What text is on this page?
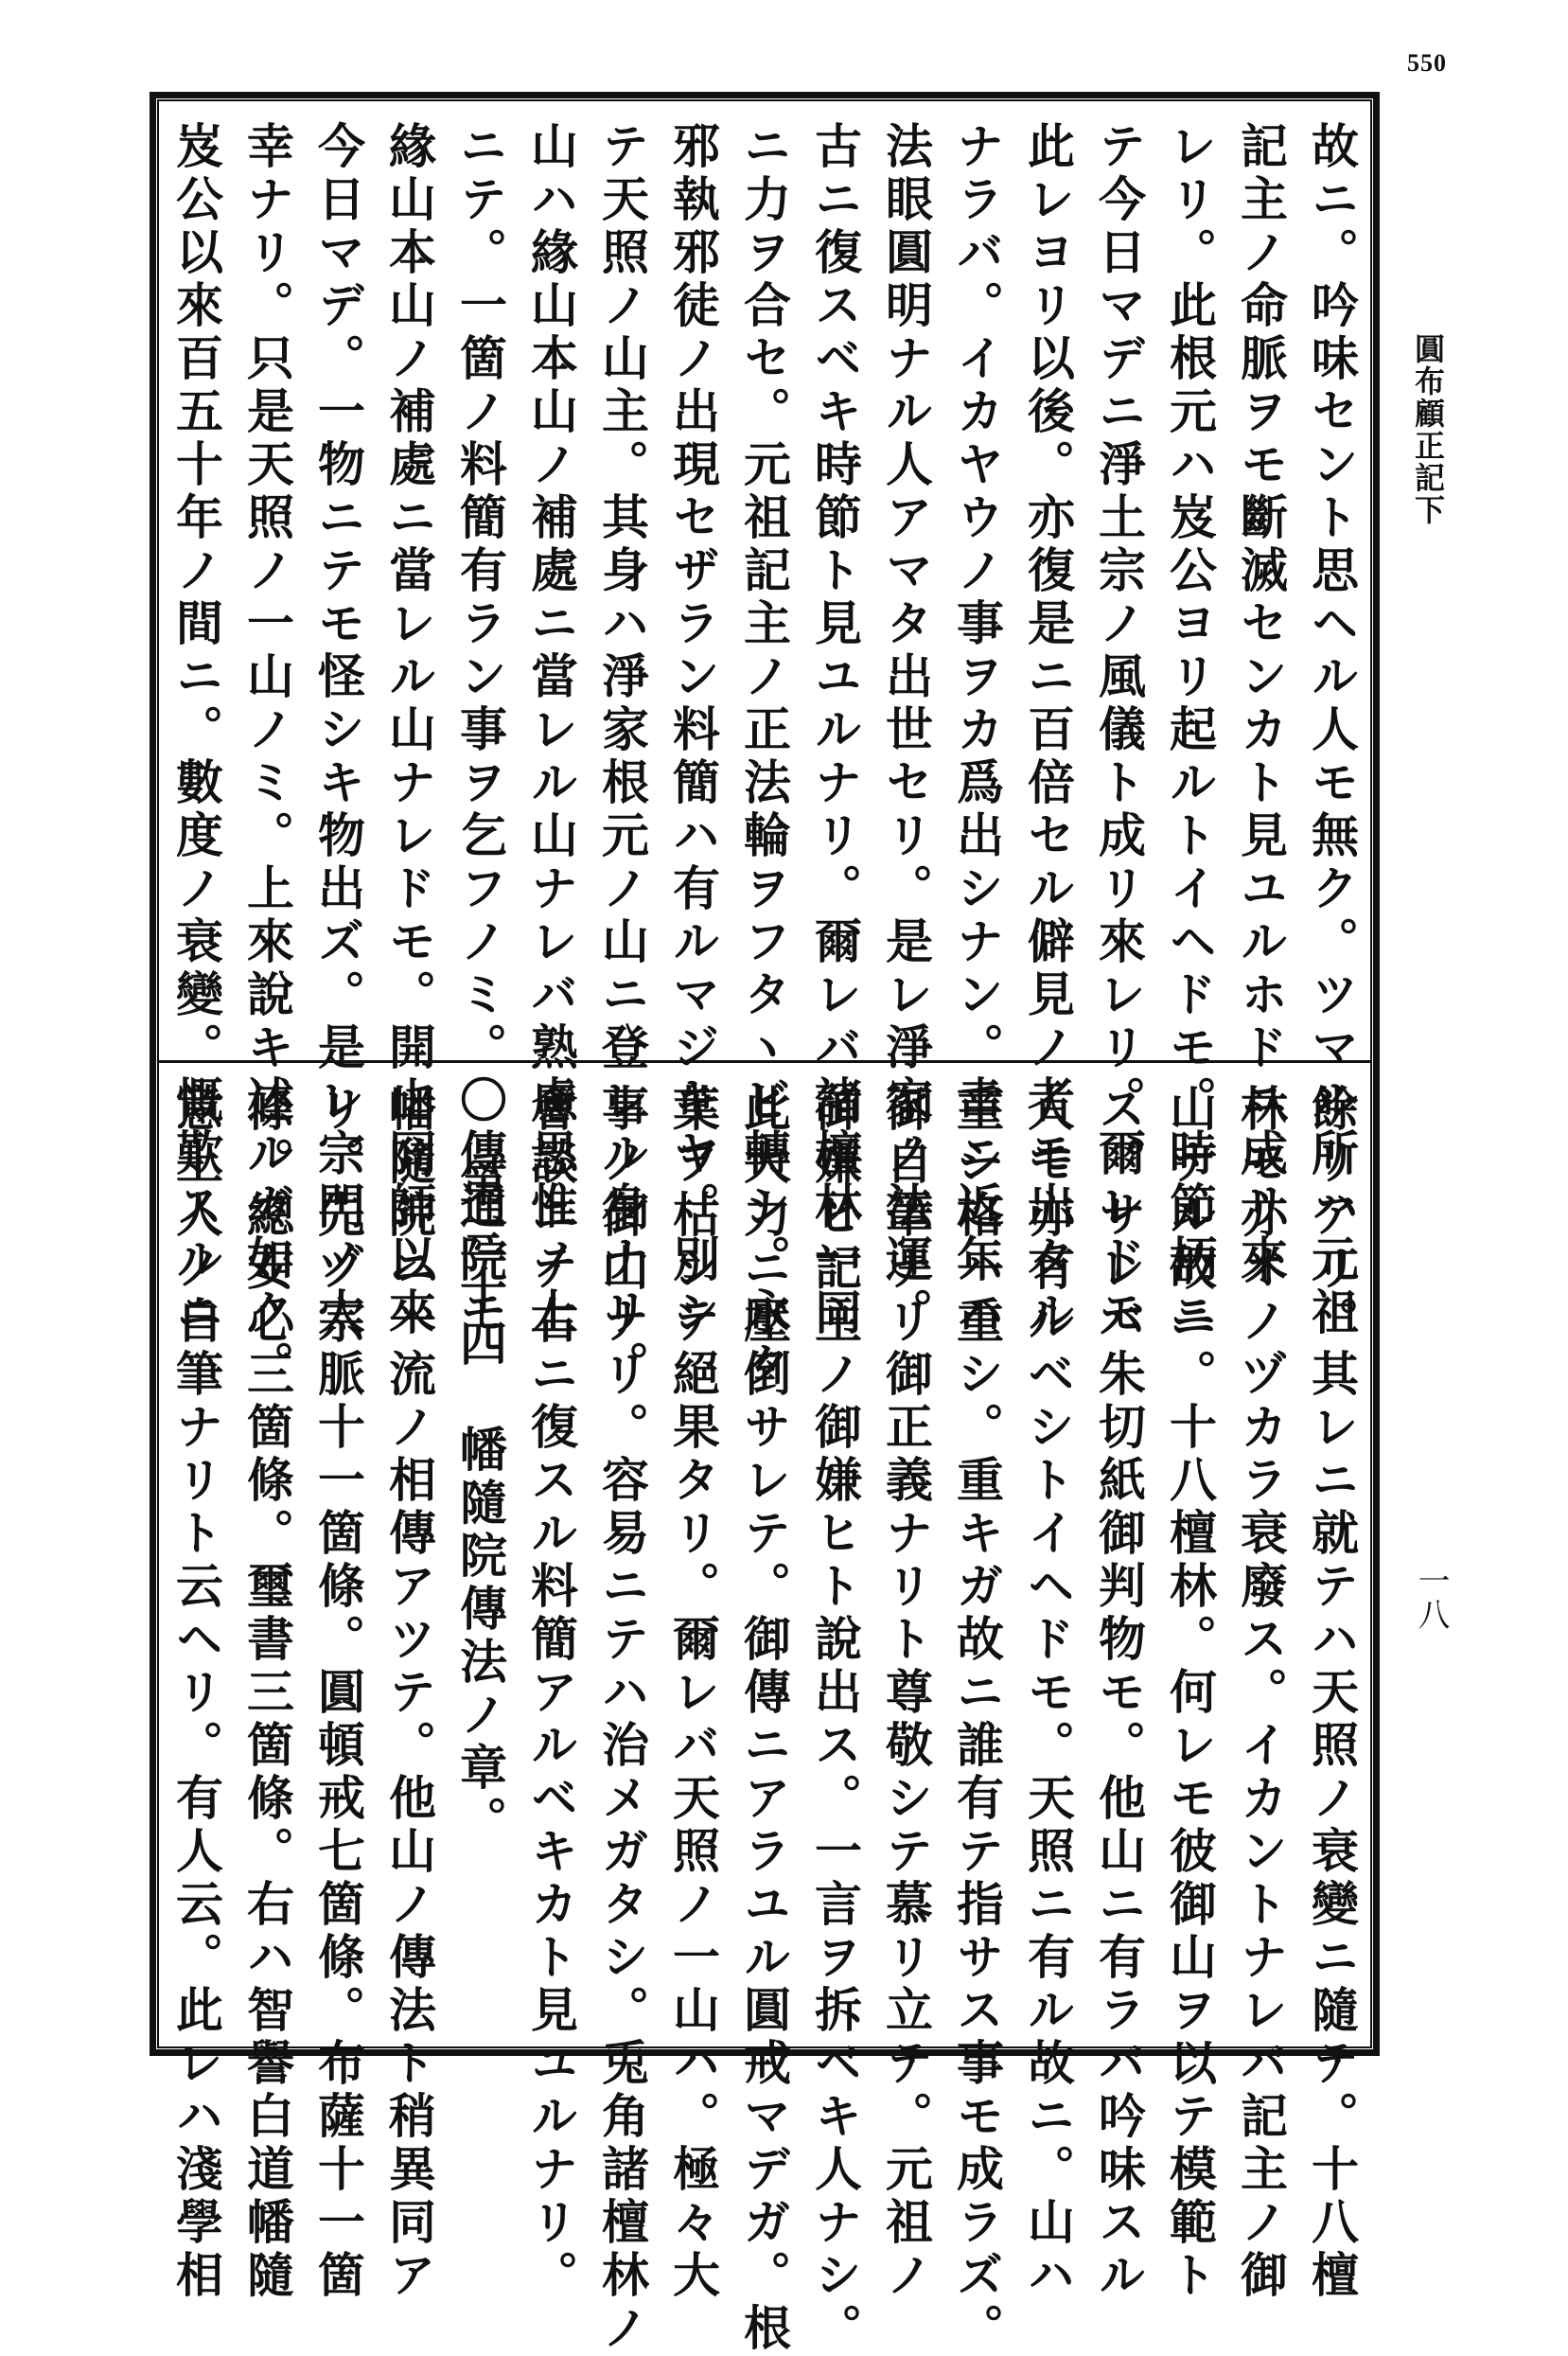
550
圓布顧正記下
一八
故ニ。吟味セント思ヘル人モ無ク。ツマル所ハ元祖
記主ノ命脈ヲモ斷滅センカト見ユルホドニ成リ來
レリ。此根元ハ岌公ヨリ起ルトイヘドモ。時節柄ニ
テ今日マデニ淨土宗ノ風儀ト成リ來レリ。爾レドモ
此レヨリ以後。亦復是ニ百倍セル僻見ノ者モ出タル
ナラバ。イカヤウノ事ヲカ爲出シナン。幸ニ近年ハ
法眼圓明ナル人アマタ出世セリ。是レ淨家ノ法運。
古ニ復スベキ時節ト見ユルナリ。爾レバ諸檀林一同
ニ力ヲ合セ。元祖記主ノ正法輪ヲフタヽビ轉シ。永ク
邪執邪徒ノ出現セザラン料簡ハ有ルマジキヤ。別シ
テ天照ノ山主。其身ハ淨家根元ノ山ニ登レル身ナリ。
山ハ緣山本山ノ補處ニ當レル山ナレバ熟慮思惟ノ上
ニテ。一箇ノ料簡有ラン事ヲ乞フノミ。〇傳通院モ
緣山本山ノ補處ニ當レル山ナレドモ。開山冏師以來
今日マデ。一物ニテモ怪シキ物出ズ。是レ宗門ノ太
幸ナリ。只是天照ノ一山ノミ。上來說キ述ルガ如ク。
岌公以來百五十年ノ間ニ。數度ノ衰變。慨歎スルニ
餘リアリ。其レニ就テハ天照ノ衰變ニ隨テ。十八檀
林モ亦オノヅカラ衰廢ス。イカントナレバ記主ノ御
山ナル故ニ。十八檀林。何レモ彼御山ヲ以テ模範ト
ス。サレバ朱切紙御判物モ。他山ニ有ラバ吟味スル
人モ亦有ルベシトイヘドモ。天照ニ有ル故ニ。山ハ
重シ格ハ重シ。重キガ故ニ誰有テ指サス事モ成ラズ。
御自筆ナリ御正義ナリト尊敬シテ慕リ立テ。元祖ノ
御嫌ヒ記主ノ御嫌ヒト說出ス。一言ヲ拆ベキ人ナシ。
此大力ニ壓倒サレテ。御傳ニアラユル圓戒マデガ。根
葉ヲ枯シテ絕果タリ。爾レバ天照ノ一山ハ。極々大
事ノ御山ナリ。容易ニテハ治メガタシ。兎角諸檀林ノ
會談ニテ右ニ復スル料簡アルベキカト見ユルナリ。
第三十四　幡隨院傳法ノ章。
幡隨院ニ一流ノ相傳アツテ。他山ノ傳法ト稍異同ア
リ。先ヅ宗脈十一箇條。圓頓戒七箇條。布薩十一箇
條。總安心三箇條。璽書三箇條。右ハ智譽白道幡隨
意上人ノ自筆ナリト云ヘリ。有人云。此レハ淺學相
